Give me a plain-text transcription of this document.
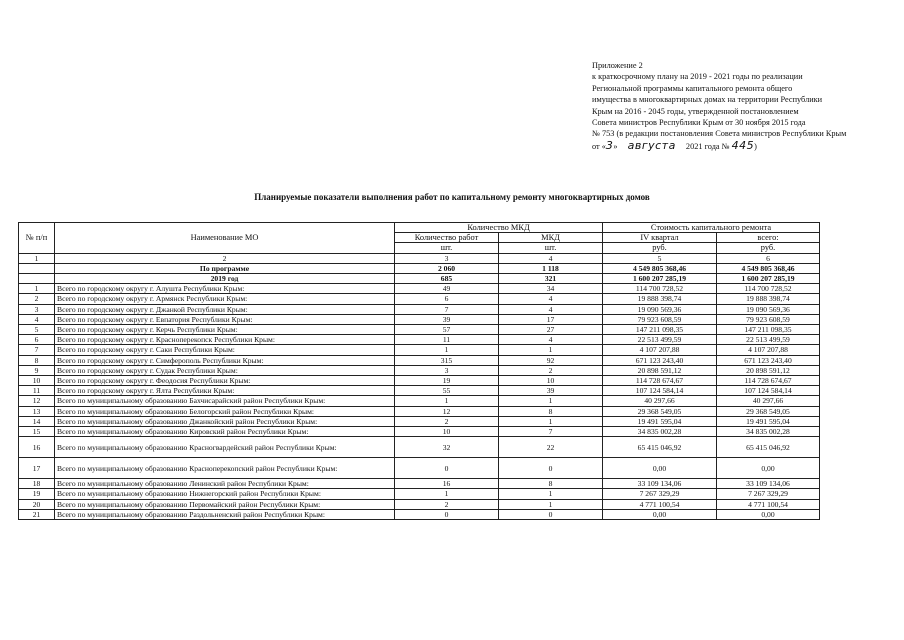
Приложение 2
к краткосрочному плану на 2019 - 2021 годы по реализации
Региональной программы капитального ремонта общего
имущества в многоквартирных домах на территории Республики
Крым на 2016 - 2045 годы, утвержденной постановлением
Совета министров Республики Крым от 30 ноября 2015 года
№ 753 (в редакции постановления Совета министров Республики Крым
от «3» августа 2021 года № 445)
Планируемые показатели выполнения работ по капитальному ремонту многоквартирных домов
№ п/п	Наименование МО	Количество МКД		Стоимость капитального ремонта	
		Количество работ	МКД	IV квартал	всего:
		шт.	шт.	руб.	руб.
1	2	3	4	5	6
	По программе	2 060	1 118	4 549 805 368,46	4 549 805 368,46
	2019 год	685	321	1 600 207 285,19	1 600 207 285,19
1	Всего по городскому округу г. Алушта Республики Крым:	49	34	114 700 728,52	114 700 728,52
2	Всего по городскому округу г. Армянск Республики Крым:	6	4	19 888 398,74	19 888 398,74
3	Всего по городскому округу г. Джанкой Республики Крым:	7	4	19 090 569,36	19 090 569,36
4	Всего по городскому округу г. Евпатория Республики Крым:	39	17	79 923 608,59	79 923 608,59
5	Всего по городскому округу г. Керчь Республики Крым:	57	27	147 211 098,35	147 211 098,35
6	Всего по городскому округу г. Красноперекопск Республики Крым:	11	4	22 513 499,59	22 513 499,59
7	Всего по городскому округу г. Саки Республики Крым:	1	1	4 107 207,88	4 107 207,88
8	Всего по городскому округу г. Симферополь Республики Крым:	315	92	671 123 243,40	671 123 243,40
9	Всего по городскому округу г. Судак Республики Крым:	3	2	20 898 591,12	20 898 591,12
10	Всего по городскому округу г. Феодосия Республики Крым:	19	10	114 728 674,67	114 728 674,67
11	Всего по городскому округу г. Ялта Республики Крым:	55	39	107 124 584,14	107 124 584,14
12	Всего по муниципальному образованию Бахчисарайский район Республики Крым:	1	1	40 297,66	40 297,66
13	Всего по муниципальному образованию Белогорский район Республики Крым:	12	8	29 368 549,05	29 368 549,05
14	Всего по муниципальному образованию Джанкойский район Республики Крым:	2	1	19 491 595,04	19 491 595,04
15	Всего по муниципальному образованию Кировский район Республики Крым:	10	7	34 835 002,28	34 835 002,28
16	Всего по муниципальному образованию Красногвардейский район Республики Крым:	32	22	65 415 046,92	65 415 046,92
17	Всего по муниципальному образованию Красноперекопский район Республики Крым:	0	0	0,00	0,00
18	Всего по муниципальному образованию Ленинский район Республики Крым:	16	8	33 109 134,06	33 109 134,06
19	Всего по муниципальному образованию Нижнегорский район Республики Крым:	1	1	7 267 329,29	7 267 329,29
20	Всего по муниципальному образованию Первомайский район Республики Крым:	2	1	4 771 100,54	4 771 100,54
21	Всего по муниципальному образованию Раздольненский район Республики Крым:	0	0	0,00	0,00
